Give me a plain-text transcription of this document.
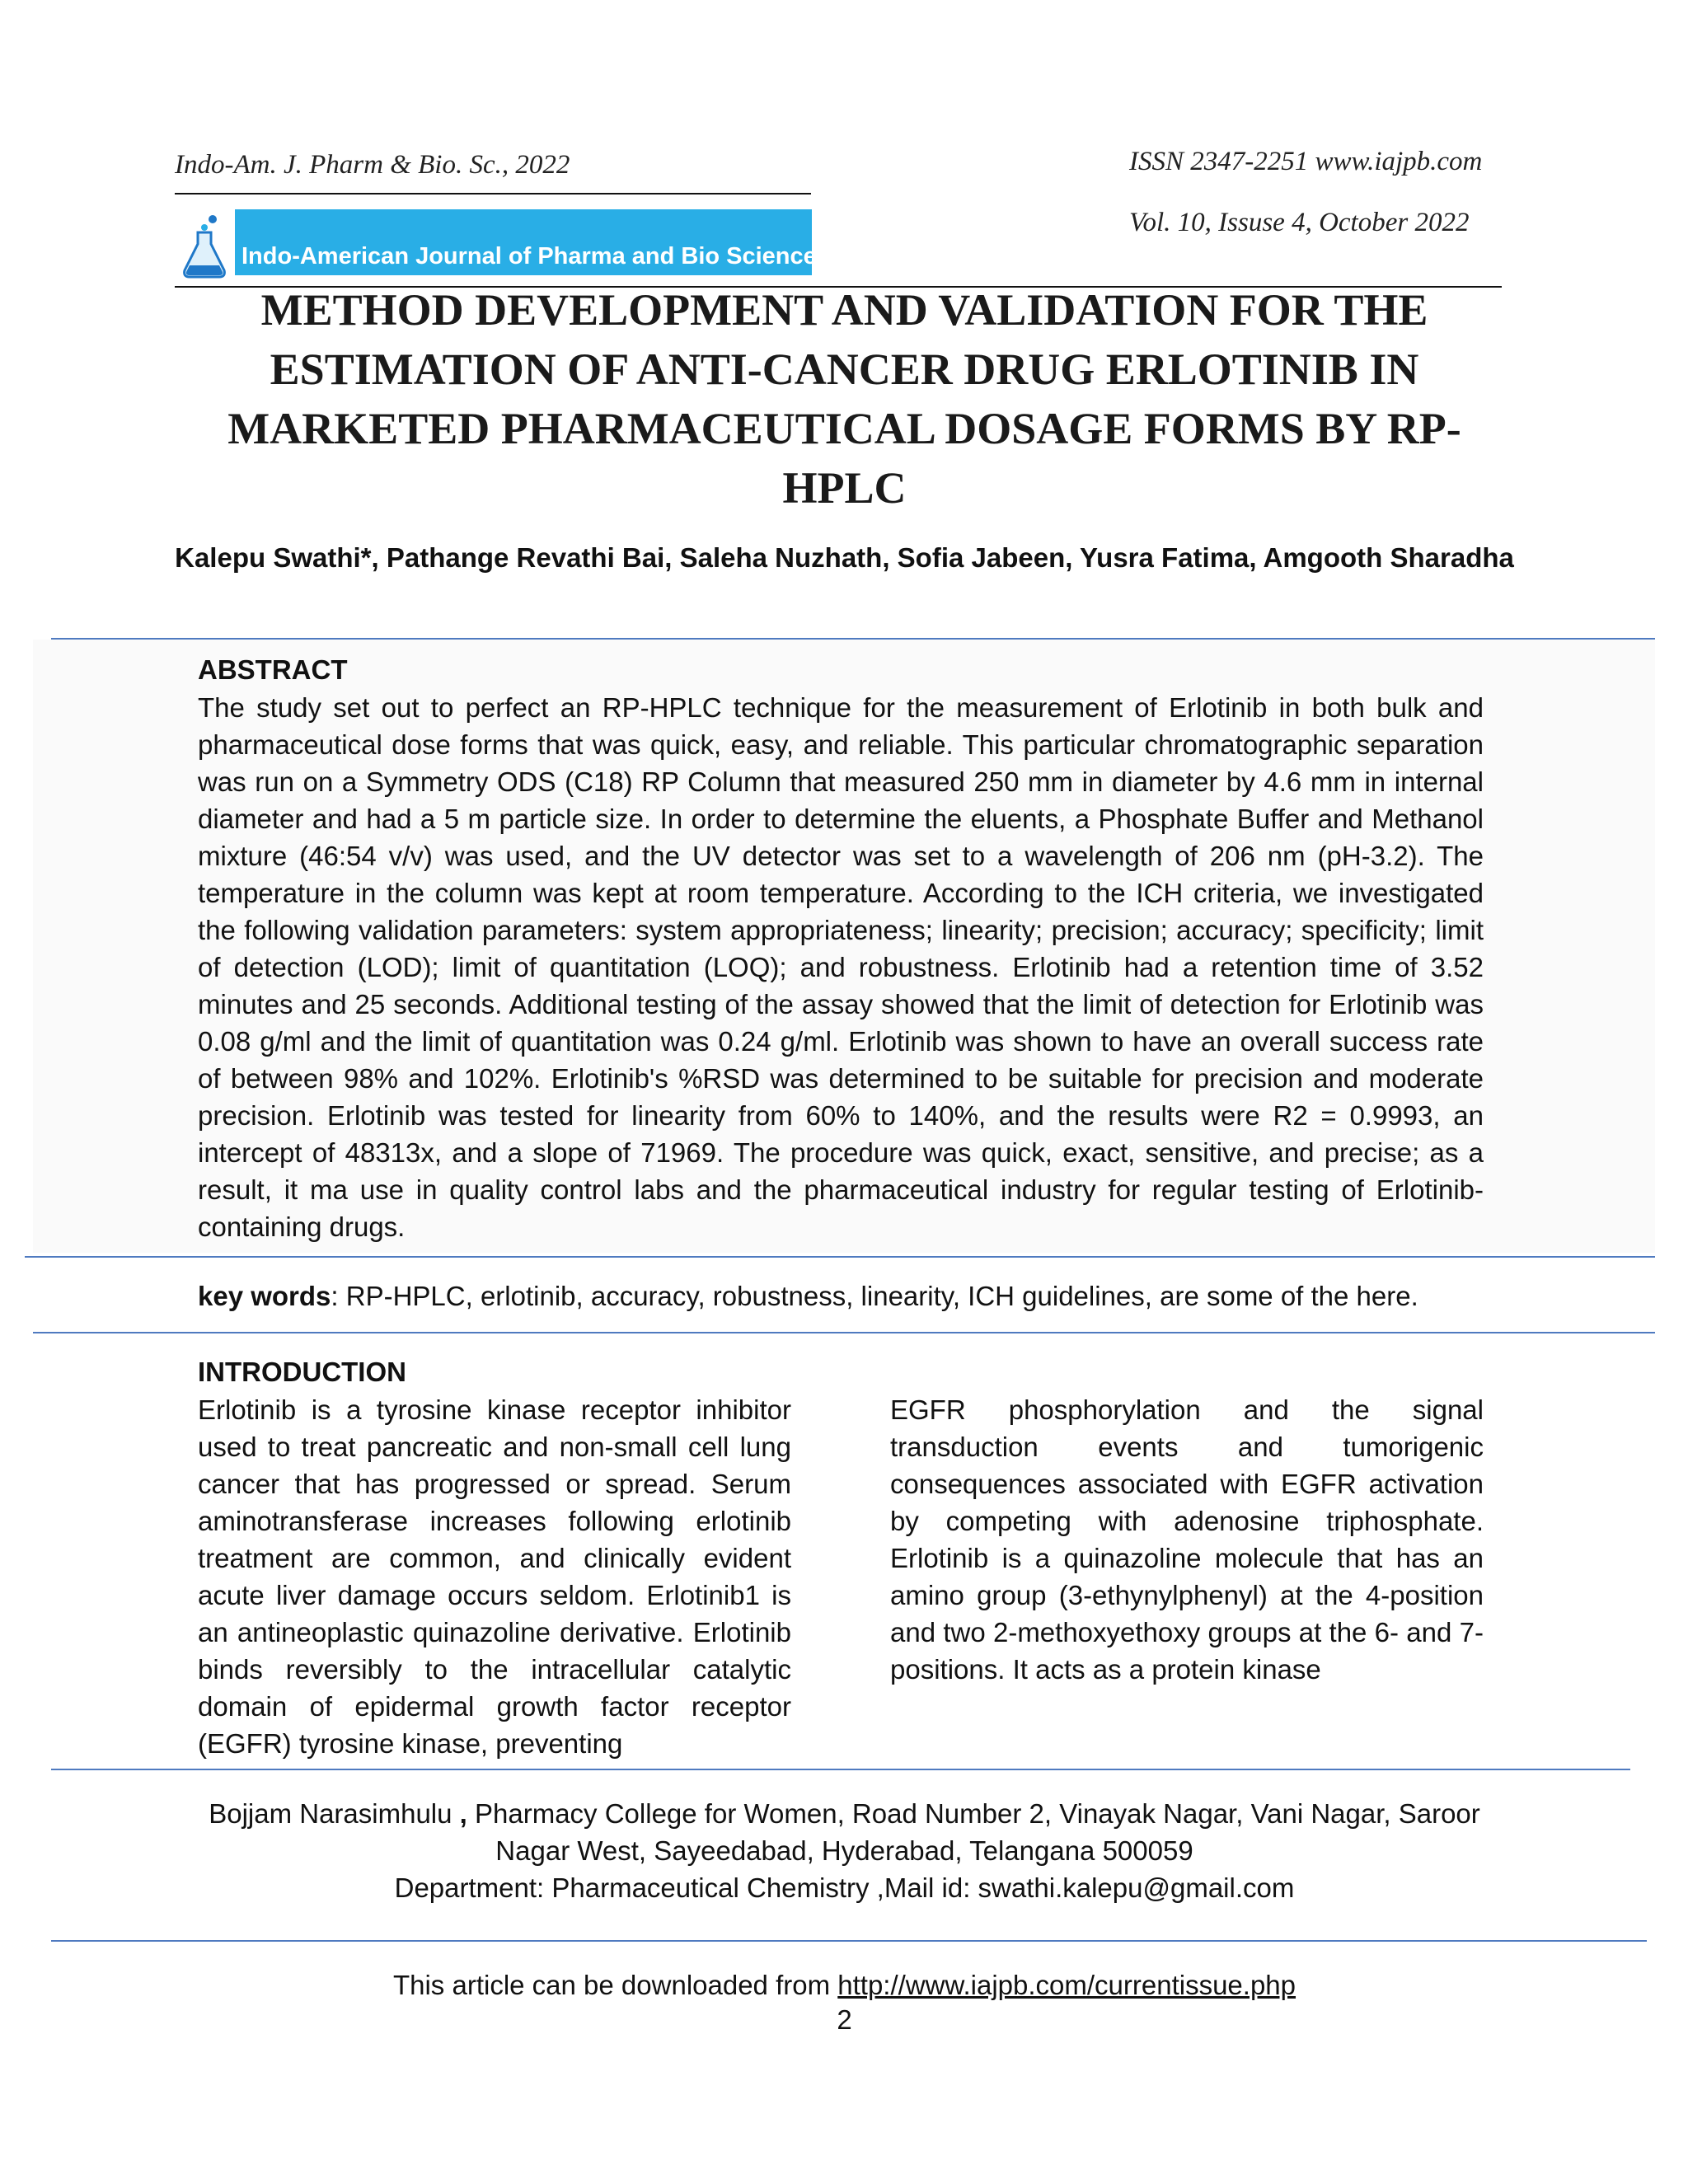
Indo-Am. J. Pharm & Bio. Sc., 2022	ISSN 2347-2251 www.iajpb.com
Vol. 10, Issuse 4, October 2022
Indo-American Journal of Pharma and Bio Sciences
METHOD DEVELOPMENT AND VALIDATION FOR THE ESTIMATION OF ANTI-CANCER DRUG ERLOTINIB IN MARKETED PHARMACEUTICAL DOSAGE FORMS BY RP-HPLC
Kalepu Swathi*, Pathange Revathi Bai, Saleha Nuzhath, Sofia Jabeen, Yusra Fatima, Amgooth Sharadha
ABSTRACT
The study set out to perfect an RP-HPLC technique for the measurement of Erlotinib in both bulk and pharmaceutical dose forms that was quick, easy, and reliable. This particular chromatographic separation was run on a Symmetry ODS (C18) RP Column that measured 250 mm in diameter by 4.6 mm in internal diameter and had a 5 m particle size. In order to determine the eluents, a Phosphate Buffer and Methanol mixture (46:54 v/v) was used, and the UV detector was set to a wavelength of 206 nm (pH-3.2). The temperature in the column was kept at room temperature. According to the ICH criteria, we investigated the following validation parameters: system appropriateness; linearity; precision; accuracy; specificity; limit of detection (LOD); limit of quantitation (LOQ); and robustness. Erlotinib had a retention time of 3.52 minutes and 25 seconds. Additional testing of the assay showed that the limit of detection for Erlotinib was 0.08 g/ml and the limit of quantitation was 0.24 g/ml. Erlotinib was shown to have an overall success rate of between 98% and 102%. Erlotinib's %RSD was determined to be suitable for precision and moderate precision. Erlotinib was tested for linearity from 60% to 140%, and the results were R2 = 0.9993, an intercept of 48313x, and a slope of 71969. The procedure was quick, exact, sensitive, and precise; as a result, it ma use in quality control labs and the pharmaceutical industry for regular testing of Erlotinib-containing drugs.
key words: RP-HPLC, erlotinib, accuracy, robustness, linearity, ICH guidelines, are some of the here.
INTRODUCTION
Erlotinib is a tyrosine kinase receptor inhibitor used to treat pancreatic and non-small cell lung cancer that has progressed or spread. Serum aminotransferase increases following erlotinib treatment are common, and clinically evident acute liver damage occurs seldom. Erlotinib1 is an antineoplastic quinazoline derivative. Erlotinib binds reversibly to the intracellular catalytic domain of epidermal growth factor receptor (EGFR) tyrosine kinase, preventing
EGFR phosphorylation and the signal transduction events and tumorigenic consequences associated with EGFR activation by competing with adenosine triphosphate. Erlotinib is a quinazoline molecule that has an amino group (3-ethynylphenyl) at the 4-position and two 2-methoxyethoxy groups at the 6- and 7-positions. It acts as a protein kinase
Bojjam Narasimhulu , Pharmacy College for Women, Road Number 2, Vinayak Nagar, Vani Nagar, Saroor Nagar West, Sayeedabad, Hyderabad, Telangana 500059
Department: Pharmaceutical Chemistry ,Mail id: swathi.kalepu@gmail.com
This article can be downloaded from http://www.iajpb.com/currentissue.php
2
